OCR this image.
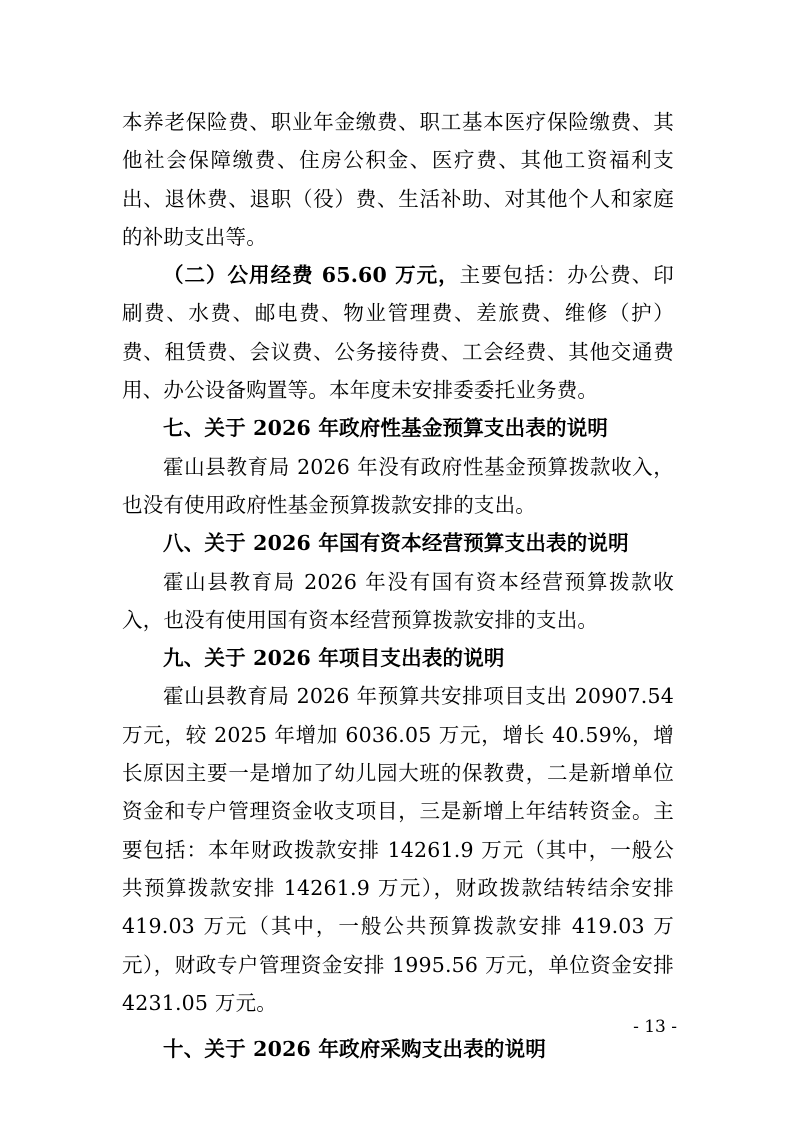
本养老保险费、职业年金缴费、职工基本医疗保险缴费、其他社会保障缴费、住房公积金、医疗费、其他工资福利支出、退休费、退职（役）费、生活补助、对其他个人和家庭的补助支出等。

（二）公用经费 65.60 万元，主要包括：办公费、印刷费、水费、邮电费、物业管理费、差旅费、维修（护）费、租赁费、会议费、公务接待费、工会经费、其他交通费用、办公设备购置等。本年度未安排委委托业务费。

七、关于 2026 年政府性基金预算支出表的说明

霍山县教育局 2026 年没有政府性基金预算拨款收入，也没有使用政府性基金预算拨款安排的支出。

八、关于 2026 年国有资本经营预算支出表的说明

霍山县教育局 2026 年没有国有资本经营预算拨款收入，也没有使用国有资本经营预算拨款安排的支出。

九、关于 2026 年项目支出表的说明

霍山县教育局 2026 年预算共安排项目支出 20907.54 万元，较 2025 年增加 6036.05 万元，增长 40.59%，增长原因主要一是增加了幼儿园大班的保教费，二是新增单位资金和专户管理资金收支项目，三是新增上年结转资金。主要包括：本年财政拨款安排 14261.9 万元（其中，一般公共预算拨款安排 14261.9 万元），财政拨款结转结余安排 419.03 万元（其中，一般公共预算拨款安排 419.03 万元），财政专户管理资金安排 1995.56 万元，单位资金安排 4231.05 万元。

十、关于 2026 年政府采购支出表的说明

- 13 -
